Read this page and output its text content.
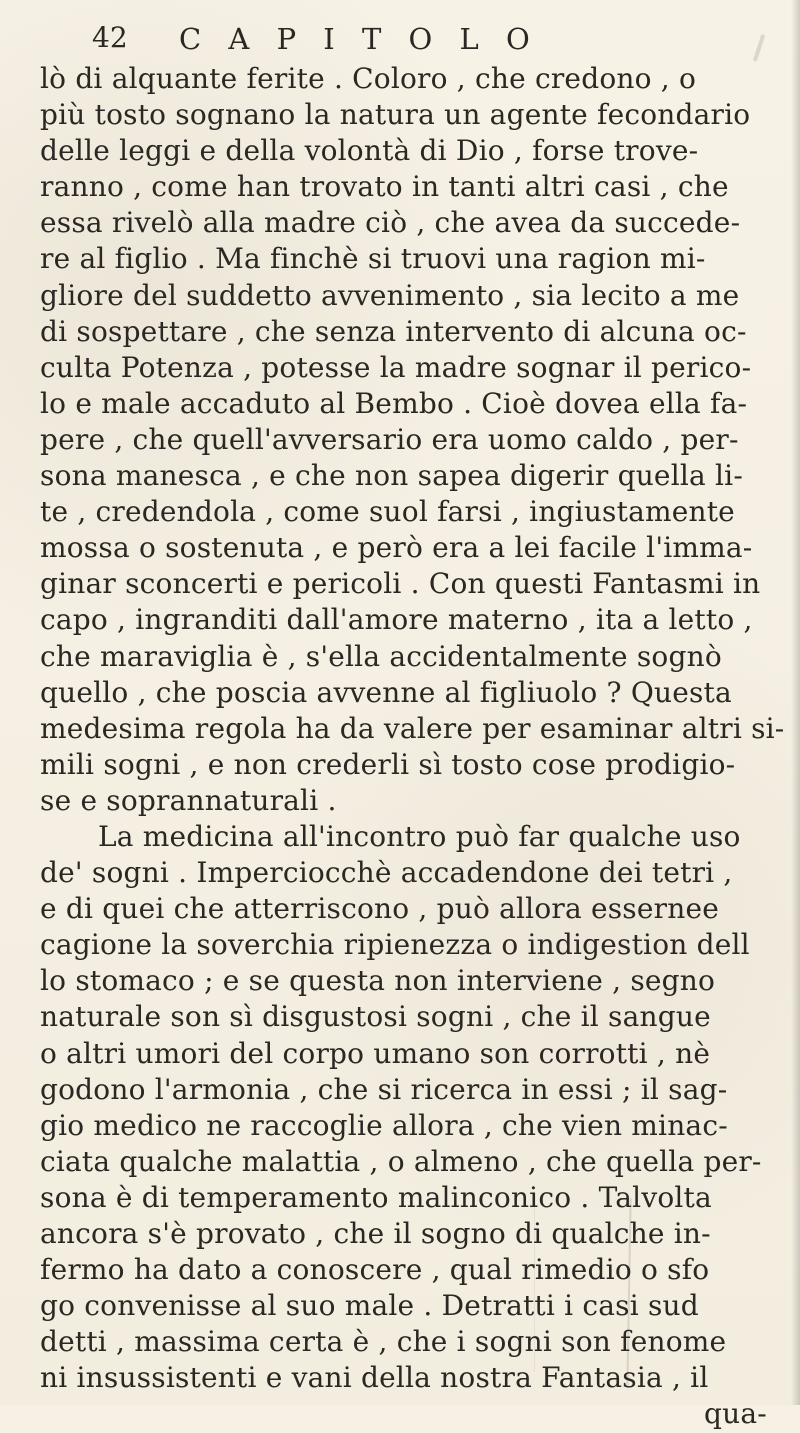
42 C A P I T O L O
lò di alquante ferite . Coloro , che credono , o
più tosto sognano la natura un agente fecondario
delle leggi e della volontà di Dio , forse trove-
ranno , come han trovato in tanti altri casi , che
essa rivelò alla madre ciò , che avea da succede-
re al figlio . Ma finchè si truovi una ragion mi-
gliore del suddetto avvenimento , sia lecito a me
di sospettare , che senza intervento di alcuna oc-
culta Potenza , potesse la madre sognar il perico-
lo e male accaduto al Bembo . Cioè dovea ella fa-
pere , che quell'avversario era uomo caldo , per-
sona manesca , e che non sapea digerir quella li-
te , credendola , come suol farsi , ingiustamente
mossa o sostenuta , e però era a lei facile l'imma-
ginar sconcerti e pericoli . Con questi Fantasmi in
capo , ingranditi dall'amore materno , ita a letto ,
che maraviglia è , s'ella accidentalmente sognò
quello , che poscia avvenne al figliuolo ? Questa
medesima regola ha da valere per esaminar altri si-
mili sogni , e non crederli sì tosto cose prodigio-
se e soprannaturali .
La medicina all'incontro può far qualche uso
de' sogni . Imperciocchè accadendone dei tetri ,
e di quei che atterriscono , può allora essernee
cagione la soverchia ripienezza o indigestion dell
lo stomaco ; e se questa non interviene , segno
naturale son sì disgustosi sogni , che il sangue
o altri umori del corpo umano son corrotti , nè
godono l'armonia , che si ricerca in essi ; il sag-
gio medico ne raccoglie allora , che vien minac-
ciata qualche malattia , o almeno , che quella per-
sona è di temperamento malinconico . Talvolta
ancora s'è provato , che il sogno di qualche in-
fermo ha dato a conoscere , qual rimedio o sfo
go convenisse al suo male . Detratti i casi sud
detti , massima certa è , che i sogni son fenome
ni insussistenti e vani della nostra Fantasia , il
qua-
